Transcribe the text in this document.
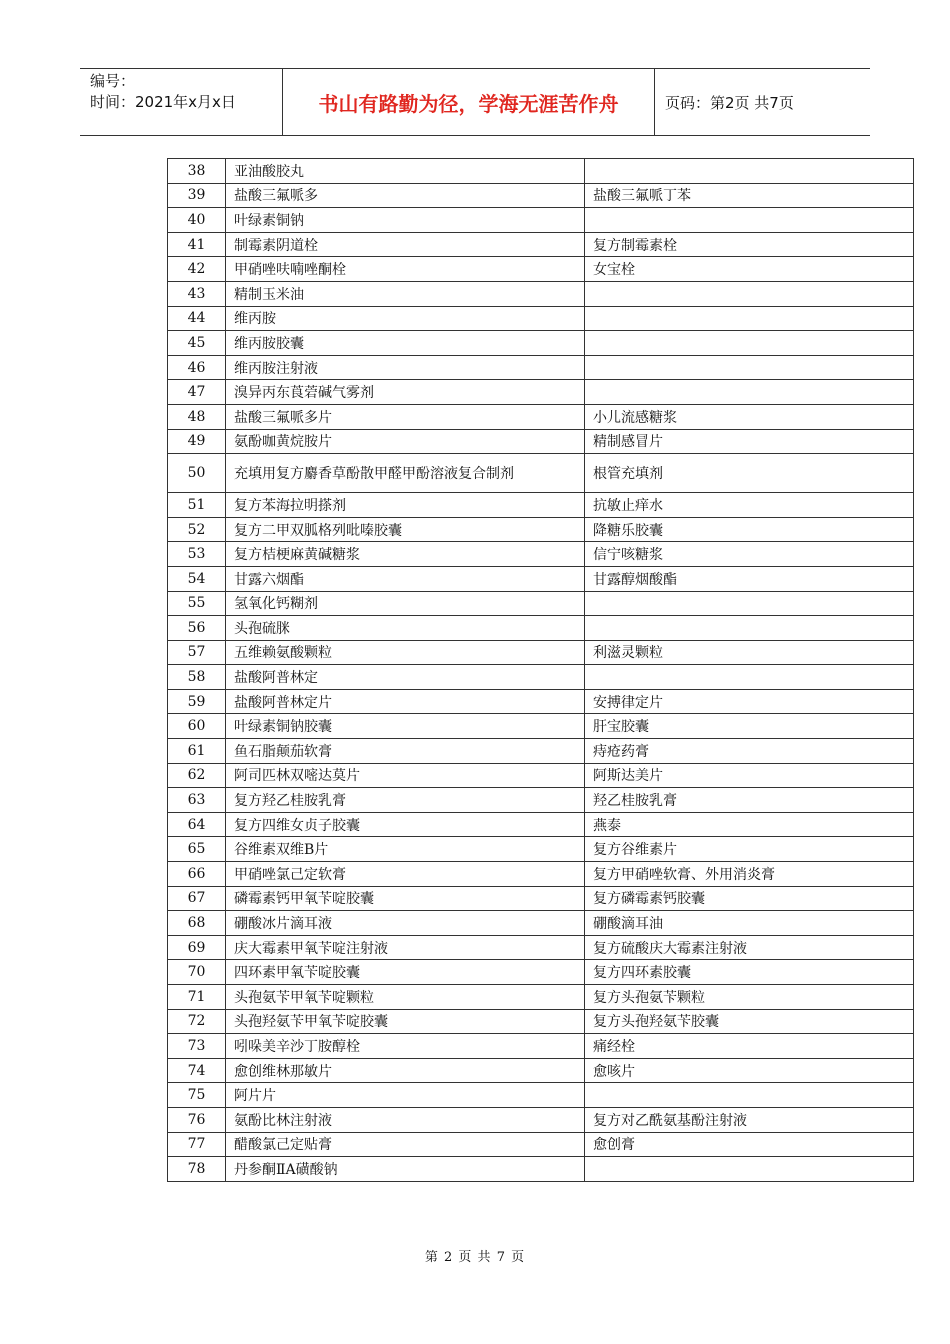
编号：
时间：2021年x月x日	书山有路勤为径，学海无涯苦作舟	页码：第2页 共7页
38	亚油酸胶丸	
39	盐酸三氟哌多	盐酸三氟哌丁苯
40	叶绿素铜钠	
41	制霉素阴道栓	复方制霉素栓
42	甲硝唑呋喃唑酮栓	女宝栓
43	精制玉米油	
44	维丙胺	
45	维丙胺胶囊	
46	维丙胺注射液	
47	溴异丙东莨菪碱气雾剂	
48	盐酸三氟哌多片	小儿流感糖浆
49	氨酚咖黄烷胺片	精制感冒片
50	充填用复方麝香草酚散甲醛甲酚溶液复合制剂	根管充填剂
51	复方苯海拉明搽剂	抗敏止痒水
52	复方二甲双胍格列吡嗪胶囊	降糖乐胶囊
53	复方桔梗麻黄碱糖浆	信宁咳糖浆
54	甘露六烟酯	甘露醇烟酸酯
55	氢氧化钙糊剂	
56	头孢硫脒	
57	五维赖氨酸颗粒	利滋灵颗粒
58	盐酸阿普林定	
59	盐酸阿普林定片	安搏律定片
60	叶绿素铜钠胶囊	肝宝胶囊
61	鱼石脂颠茄软膏	痔疮药膏
62	阿司匹林双嘧达莫片	阿斯达美片
63	复方羟乙桂胺乳膏	羟乙桂胺乳膏
64	复方四维女贞子胶囊	燕泰
65	谷维素双维B片	复方谷维素片
66	甲硝唑氯己定软膏	复方甲硝唑软膏、外用消炎膏
67	磷霉素钙甲氧苄啶胶囊	复方磷霉素钙胶囊
68	硼酸冰片滴耳液	硼酸滴耳油
69	庆大霉素甲氧苄啶注射液	复方硫酸庆大霉素注射液
70	四环素甲氧苄啶胶囊	复方四环素胶囊
71	头孢氨苄甲氧苄啶颗粒	复方头孢氨苄颗粒
72	头孢羟氨苄甲氧苄啶胶囊	复方头孢羟氨苄胶囊
73	吲哚美辛沙丁胺醇栓	痛经栓
74	愈创维林那敏片	愈咳片
75	阿片片	
76	氨酚比林注射液	复方对乙酰氨基酚注射液
77	醋酸氯己定贴膏	愈创膏
78	丹参酮ⅡA磺酸钠	
第 2 页 共 7 页
